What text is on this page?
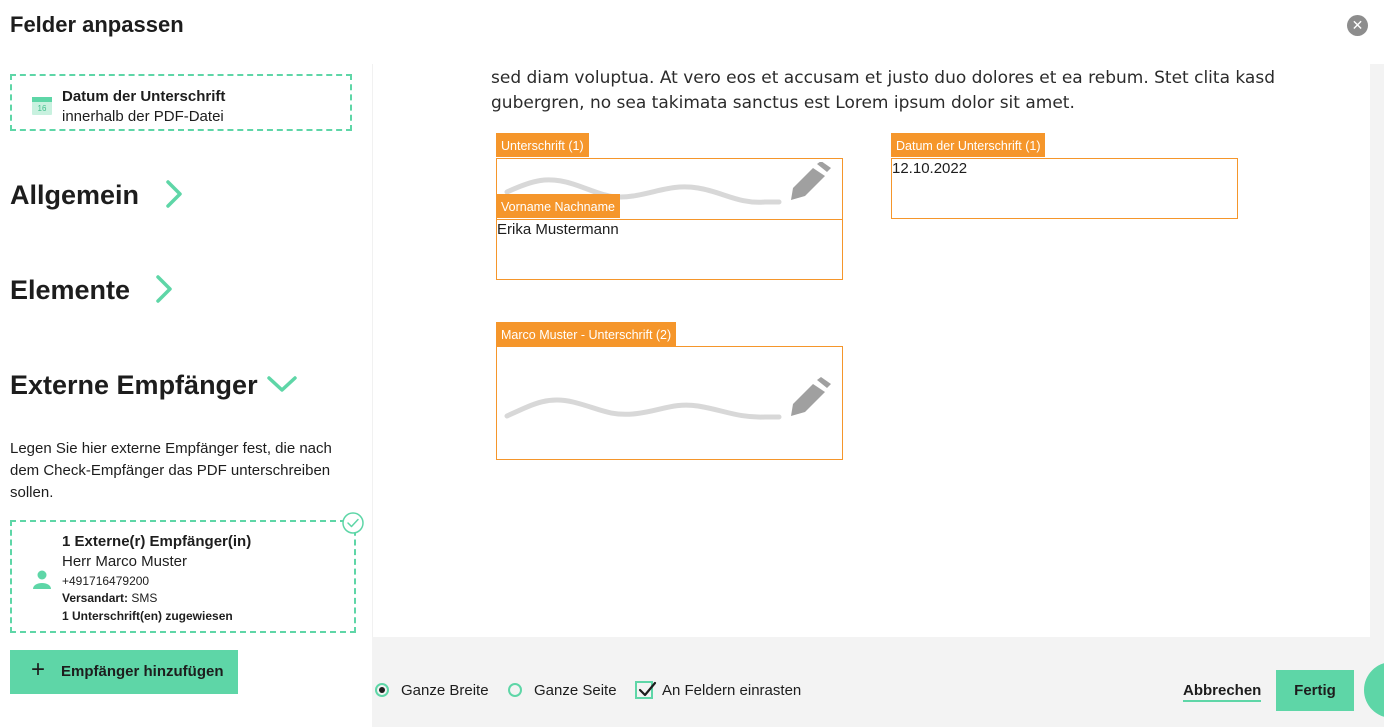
Felder anpassen	✕
sed diam voluptua. At vero eos et accusam et justo duo dolores et ea rebum. Stet clita kasd
gubergren, no sea takimata sanctus est Lorem ipsum dolor sit amet.
Unterschrift (1)
Vorname Nachname
Erika Mustermann
Datum der Unterschrift (1)
12.10.2022
Marco Muster - Unterschrift (2)
16
Datum der Unterschrift
innerhalb der PDF-Datei
Allgemein
Elemente
Externe Empfänger

Legen Sie hier externe Empfänger fest, die nach dem Check-Empfänger das PDF unterschreiben sollen.

1 Externe(r) Empfänger(in)
Herr Marco Muster
+491716479200
Versandart: SMS
1 Unterschrift(en) zugewiesen
+ Empfänger hinzufügen
Ganze Breite	Ganze Seite	An Feldern einrasten	Abbrechen	Fertig
